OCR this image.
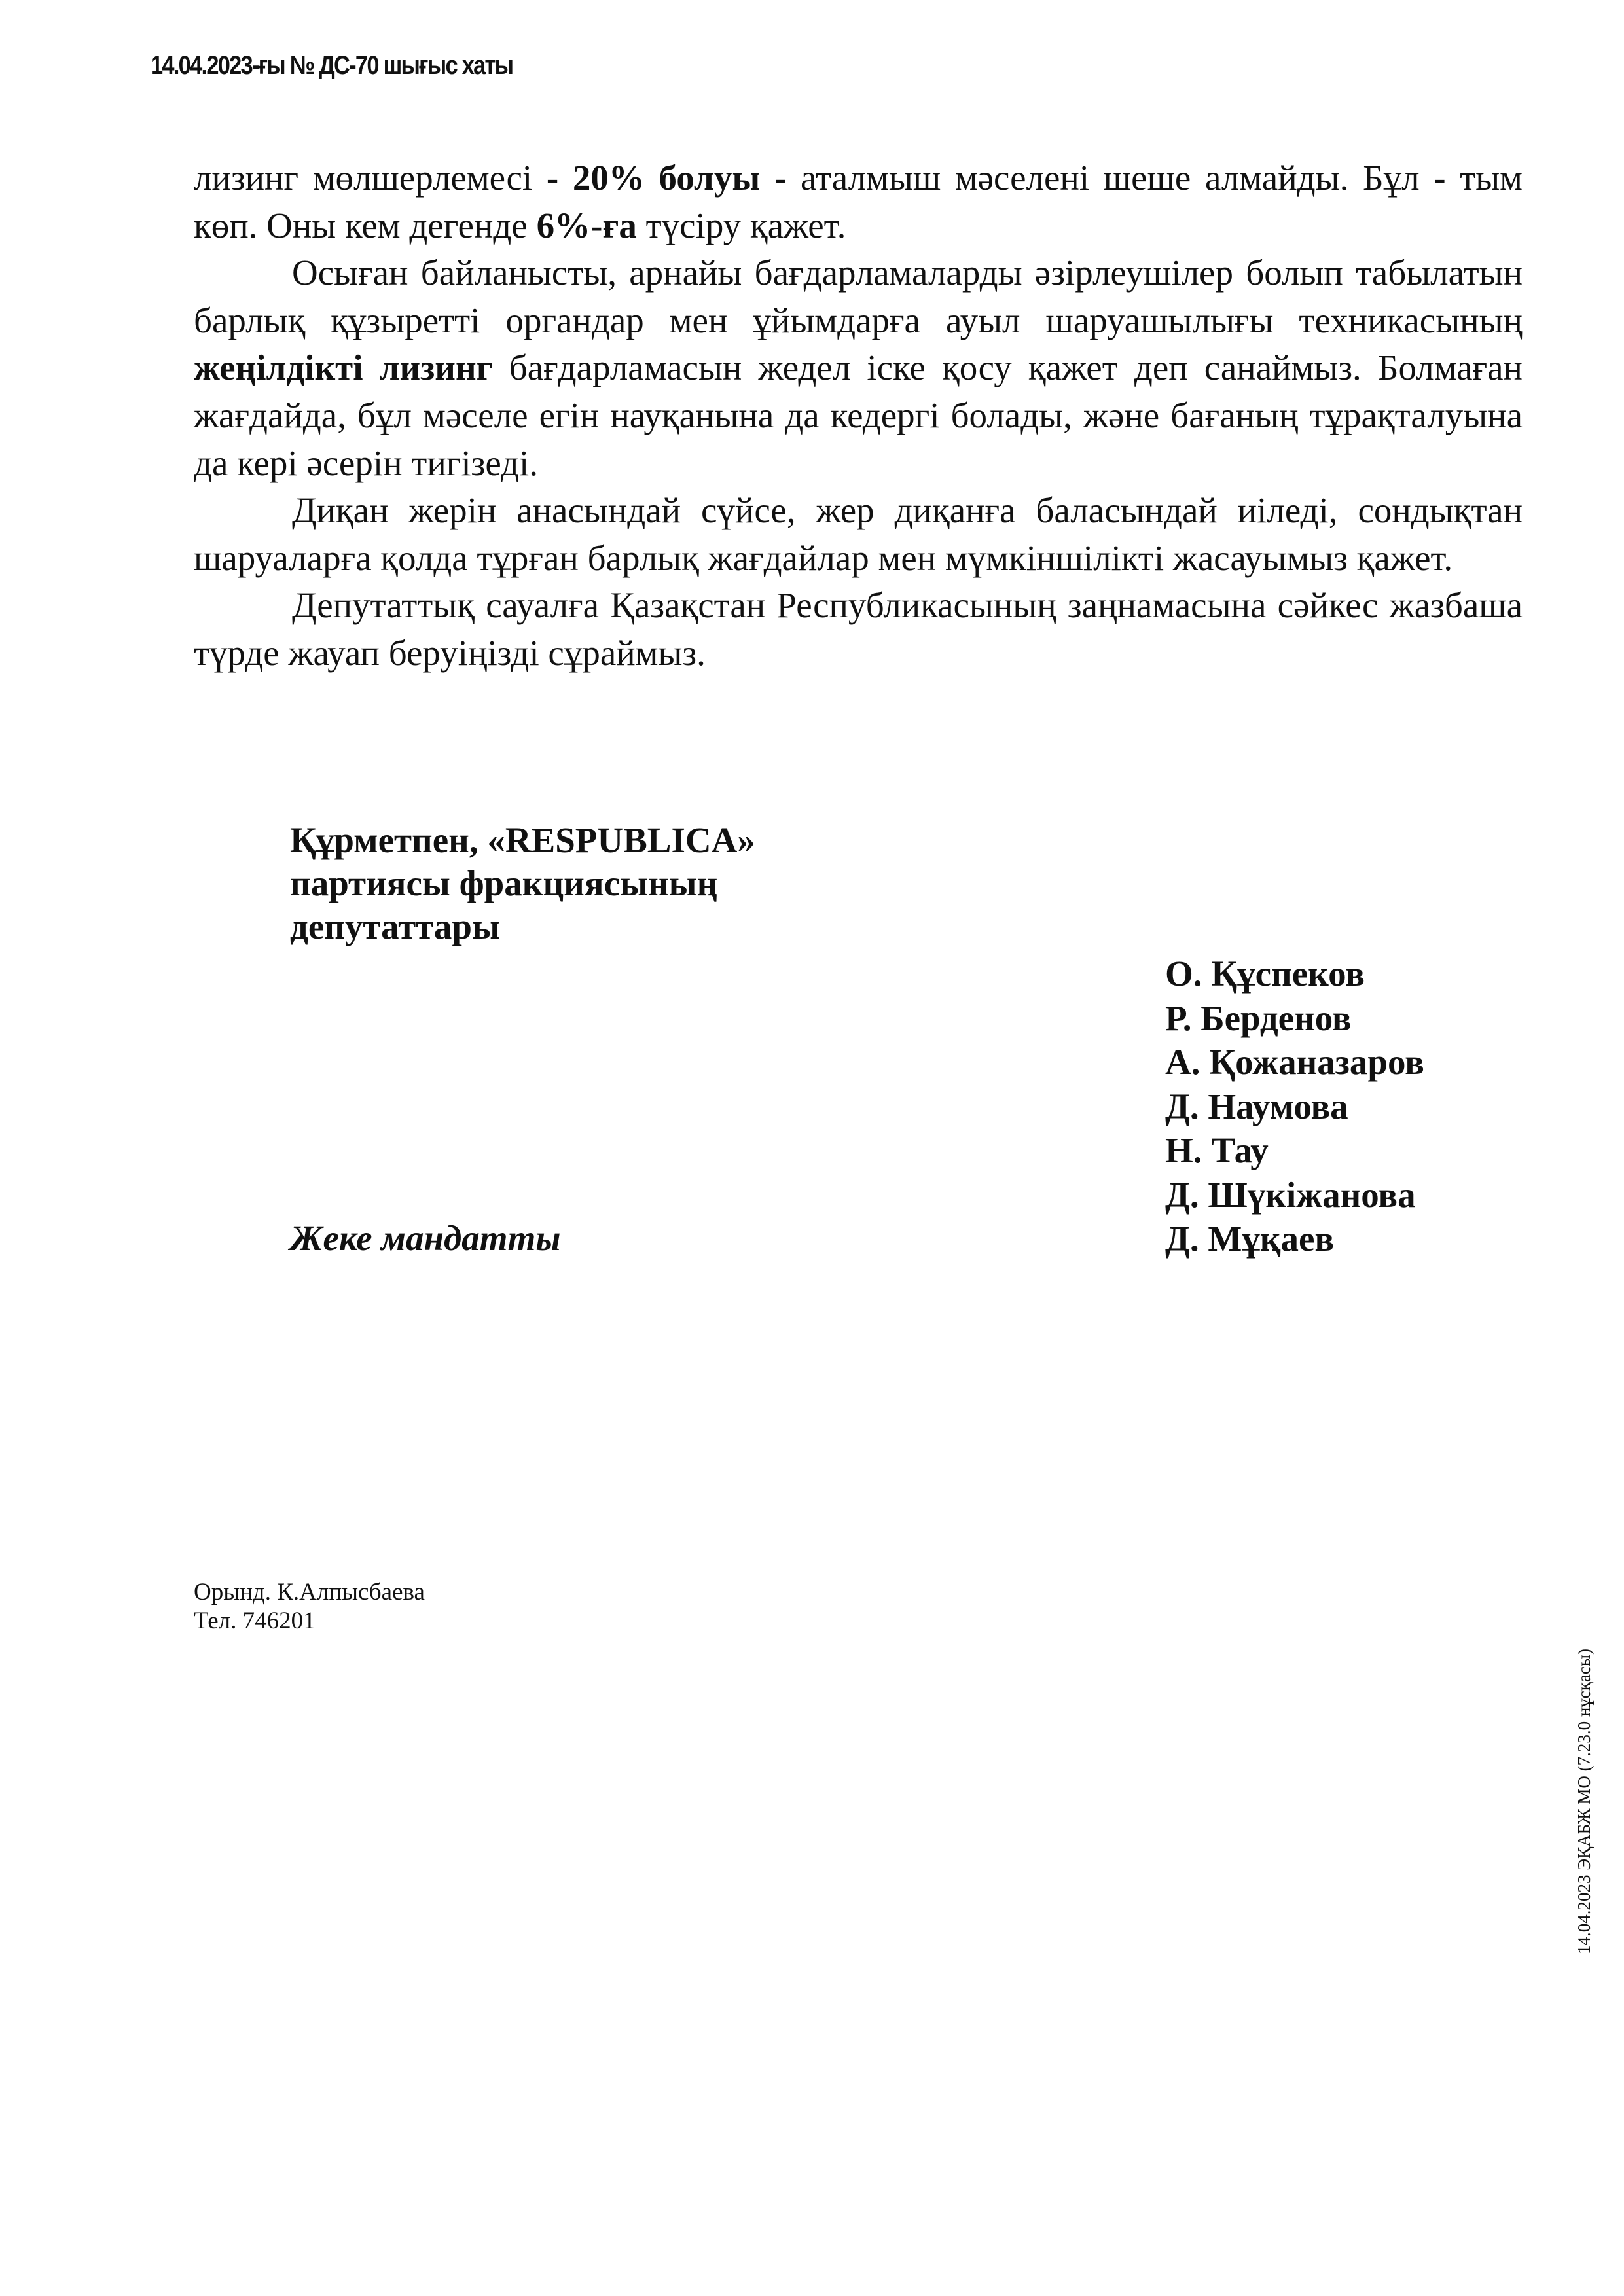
14.04.2023-ғы № ДС-70 шығыс хаты

лизинг мөлшерлемесі - 20% болуы - аталмыш мәселені шеше алмайды. Бұл - тым көп. Оны кем дегенде 6%-ға түсіру қажет.

Осыған байланысты, арнайы бағдарламаларды әзірлеушілер болып табылатын барлық құзыретті органдар мен ұйымдарға ауыл шаруашылығы техникасының жеңілдікті лизинг бағдарламасын жедел іске қосу қажет деп санаймыз. Болмаған жағдайда, бұл мәселе егін науқанына да кедергі болады, және бағаның тұрақталуына да кері әсерін тигізеді.

Диқан жерін анасындай сүйсе, жер диқанға баласындай иіледі, сондықтан шаруаларға қолда тұрған барлық жағдайлар мен мүмкіншілікті жасауымыз қажет.

Депутаттық сауалға Қазақстан Республикасының заңнамасына сәйкес жазбаша түрде жауап беруіңізді сұраймыз.

Құрметпен, «RESPUBLICA»
партиясы фракциясының
депутаттары
О. Құспеков
Р. Берденов
А. Қожаназаров
Д. Наумова
Н. Тау
Д. Шүкіжанова
Д. Мұқаев
Жеке мандатты
Орынд. К.Алпысбаева
Тел. 746201
14.04.2023 ЭҚАБЖ МО (7.23.0 нұсқасы)
